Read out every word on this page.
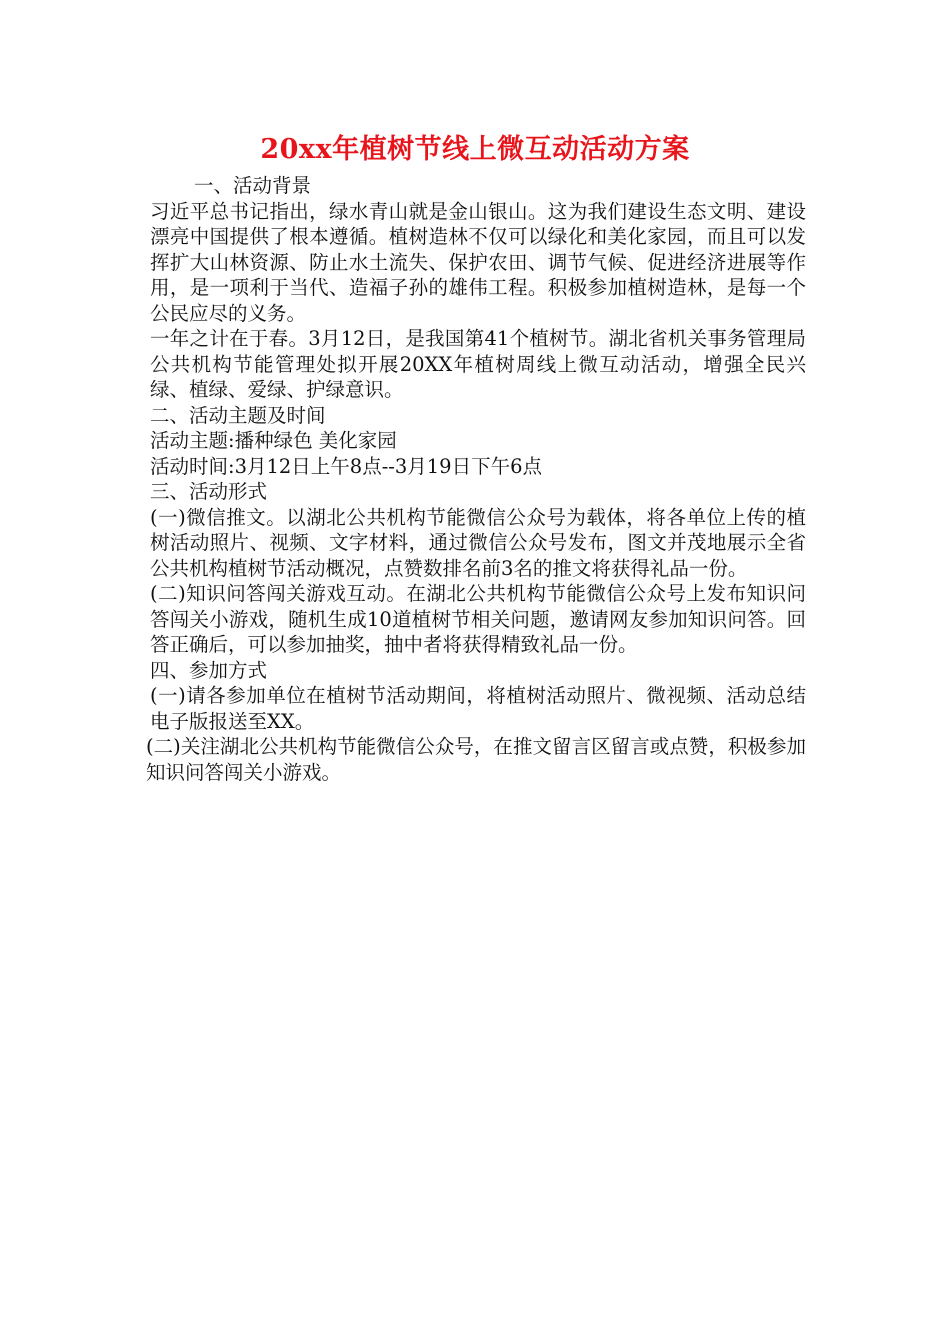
20xx年植树节线上微互动活动方案

一、活动背景

习近平总书记指出，绿水青山就是金山银山。这为我们建设生态文明、建设漂亮中国提供了根本遵循。植树造林不仅可以绿化和美化家园，而且可以发挥扩大山林资源、防止水土流失、保护农田、调节气候、促进经济进展等作用，是一项利于当代、造福子孙的雄伟工程。积极参加植树造林，是每一个公民应尽的义务。

一年之计在于春。3月12日，是我国第41个植树节。湖北省机关事务管理局公共机构节能管理处拟开展20XX年植树周线上微互动活动，增强全民兴绿、植绿、爱绿、护绿意识。

二、活动主题及时间

活动主题:播种绿色 美化家园

活动时间:3月12日上午8点--3月19日下午6点

三、活动形式

(一)微信推文。以湖北公共机构节能微信公众号为载体，将各单位上传的植树活动照片、视频、文字材料，通过微信公众号发布，图文并茂地展示全省公共机构植树节活动概况，点赞数排名前3名的推文将获得礼品一份。

(二)知识问答闯关游戏互动。在湖北公共机构节能微信公众号上发布知识问答闯关小游戏，随机生成10道植树节相关问题，邀请网友参加知识问答。回答正确后，可以参加抽奖，抽中者将获得精致礼品一份。

四、参加方式

(一)请各参加单位在植树节活动期间，将植树活动照片、微视频、活动总结电子版报送至XX。

(二)关注湖北公共机构节能微信公众号，在推文留言区留言或点赞，积极参加知识问答闯关小游戏。
